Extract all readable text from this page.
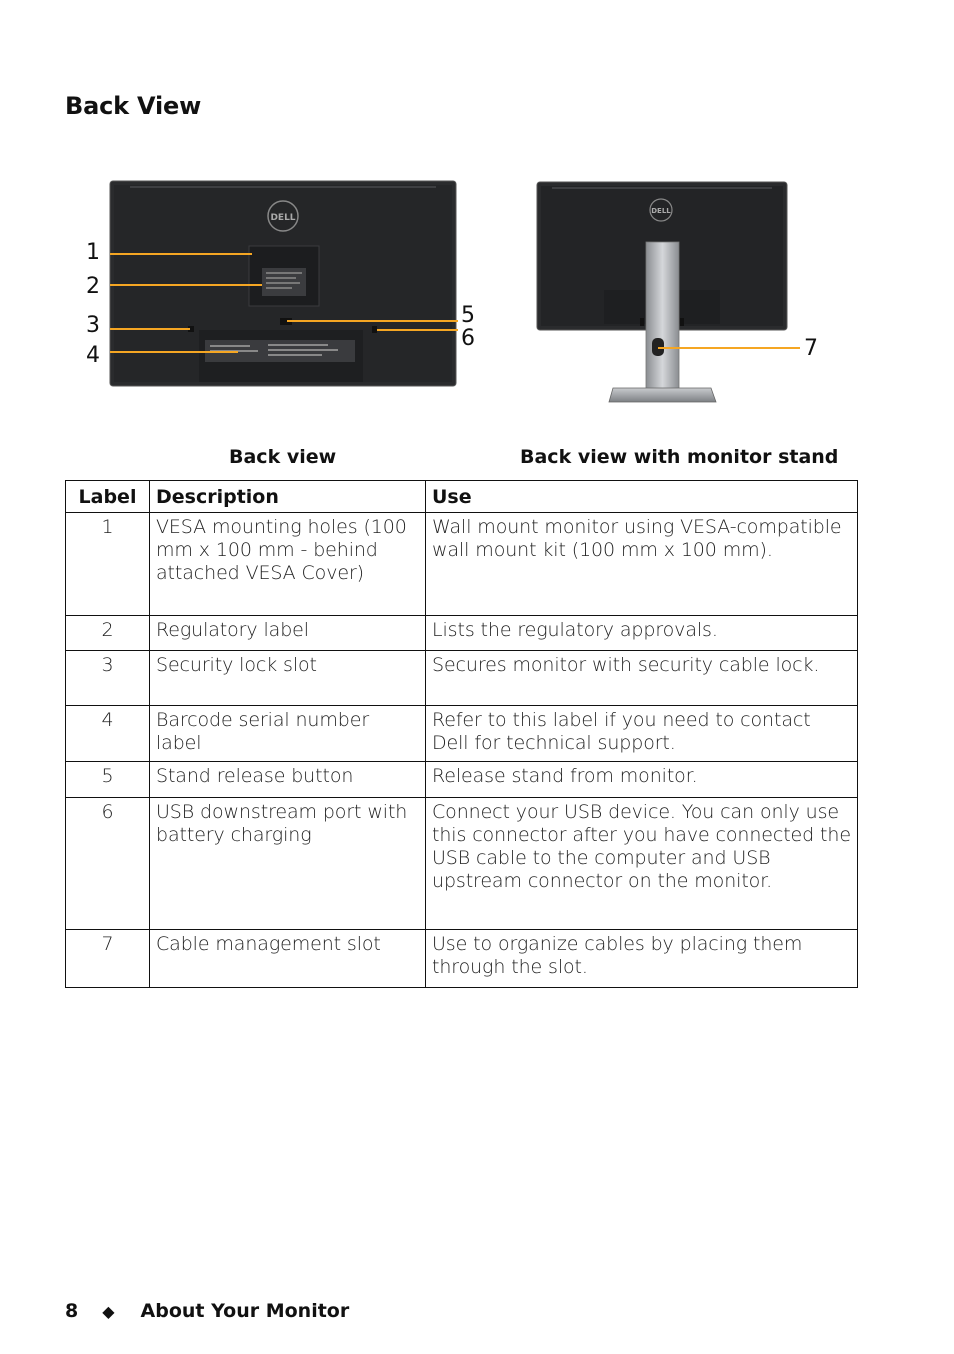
Back View
DELL
1
2
3
4
5
6
DELL
7

Back view	Back view with monitor stand

Label	Description	Use
1	VESA mounting holes (100 mm x 100 mm - behind attached VESA Cover)	Wall mount monitor using VESA-compatible wall mount kit (100 mm x 100 mm).
2	Regulatory label	Lists the regulatory approvals.
3	Security lock slot	Secures monitor with security cable lock.
4	Barcode serial number label	Refer to this label if you need to contact Dell for technical support.
5	Stand release button	Release stand from monitor.
6	USB downstream port with battery charging	Connect your USB device. You can only use this connector after you have connected the USB cable to the computer and USB upstream connector on the monitor.
7	Cable management slot	Use to organize cables by placing them through the slot.
8 ◆ About Your Monitor
